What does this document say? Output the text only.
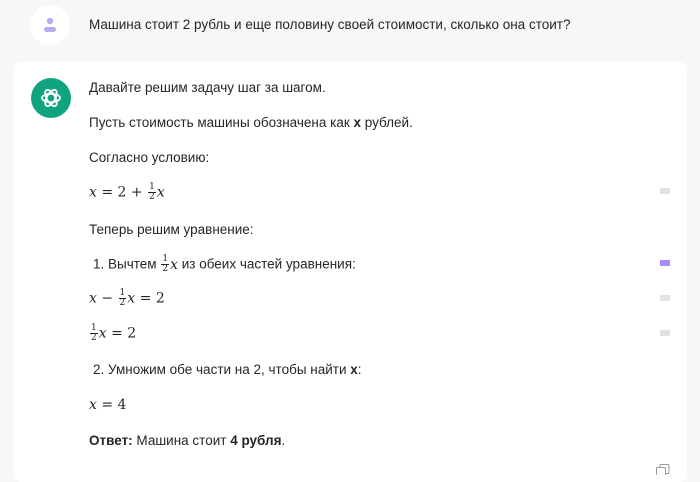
Машина стоит 2 рубль и еще половину своей стоимости, сколько она стоит?
Давайте решим задачу шаг за шагом.
Пусть стоимость машины обозначена как x рублей.
Согласно условию:
$x = 2 + \frac{1}{2}$ x
Теперь решим уравнение:
1. Вычтем $\frac{1}{2}$ x из обеих частей уравнения:
$x - \frac{1}{2}$ x = 2
$\frac{1}{2}$ x = 2
2. Умножим обе части на 2, чтобы найти x:
x = 4
Ответ: Машина стоит 4 рубля.
